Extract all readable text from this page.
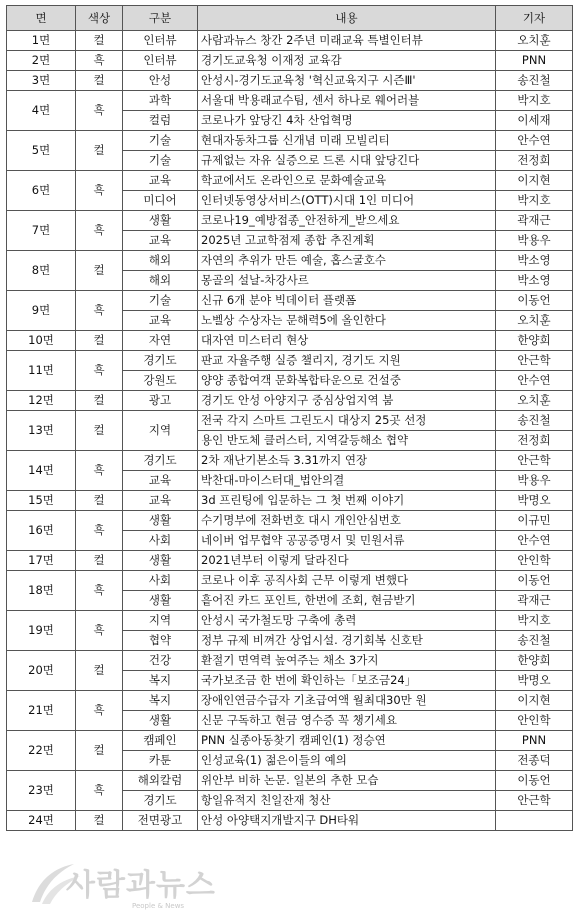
면	색상	구분	내용	기자
1면	컬	인터뷰	사람과뉴스 창간 2주년 미래교육 특별인터뷰	오치훈
2면	흑	인터뷰	경기도교육청 이재정 교육감	PNN
3면	컬	안성	안성시-경기도교육청 '혁신교육지구 시즌Ⅲ'	송진철
4면	흑	과학	서울대 박용래교수팀, 센서 하나로 웨어러블	박지호
		컬럼	코로나가 앞당긴 4차 산업혁명	이세재
5면	컬	기술	현대자동차그룹 신개념 미래 모빌리티	안수연
		기술	규제없는 자유 실증으로 드론 시대 앞당긴다	전정희
6면	흑	교육	학교에서도 온라인으로 문화예술교육	이지현
		미디어	인터넷동영상서비스(OTT)시대 1인 미디어	박지호
7면	흑	생활	코로나19_예방접종_안전하게_받으세요	곽재근
		교육	2025년 고교학점제 종합 추진계획	박용우
8면	컬	해외	자연의 추위가 만든 예술, 홉스굴호수	박소영
		해외	몽골의 설날-차강사르	박소영
9면	흑	기술	신규 6개 분야 빅데이터 플랫폼	이동언
		교육	노벨상 수상자는 문해력5에 올인한다	오치훈
10면	컬	자연	대자연 미스터리 현상	한양희
11면	흑	경기도	판교 자율주행 실증 챌리지, 경기도 지원	안근학
		강원도	양양 종합여객 문화복합타운으로 건설중	안수연
12면	컬	광고	경기도 안성 아양지구 중심상업지역 붐	오치훈
13면	컬	지역	전국 각지 스마트 그린도시 대상지 25곳 선정	송진철
			용인 반도체 클러스터, 지역갈등해소 협약	전정희
14면	흑	경기도	2차 재난기본소득 3.31까지 연장	안근학
		교육	박찬대-마이스터대_법안의결	박용우
15면	컬	교육	3d 프린팅에 입문하는 그 첫 번째 이야기	박명오
16면	흑	생활	수기명부에 전화번호 대시 개인안심번호	이규민
		사회	네이버 업무협약 공공증명서 및 민원서류	안수연
17면	컬	생활	2021년부터 이렇게 달라진다	안인학
18면	흑	사회	코로나 이후 공직사회 근무 이렇게 변했다	이동언
		생활	흩어진 카드 포인트, 한번에 조회, 현금받기	곽재근
19면	흑	지역	안성시 국가철도망 구축에 총력	박지호
		협약	정부 규제 비껴간 상업시설. 경기회복 신호탄	송진철
20면	컬	건강	환절기 면역력 높여주는 채소 3가지	한양희
		복지	국가보조금 한 번에 확인하는「보조금24」	박명오
21면	흑	복지	장애인연금수급자 기초급여액 월최대30만 원	이지현
		생활	신문 구독하고 현금 영수증 꼭 챙기세요	안인학
22면	컬	캠페인	PNN 실종아동찾기 캠페인(1) 정승연	PNN
		카툰	인성교육(1) 젊은이들의 예의	전종덕
23면	흑	해외칼럼	위안부 비하 논문. 일본의 추한 모습	이동언
		경기도	항일유적지 친일잔재 청산	안근학
24면	컬	전면광고	안성 아양택지개발지구 DH타워	
사람과뉴스
People & News
